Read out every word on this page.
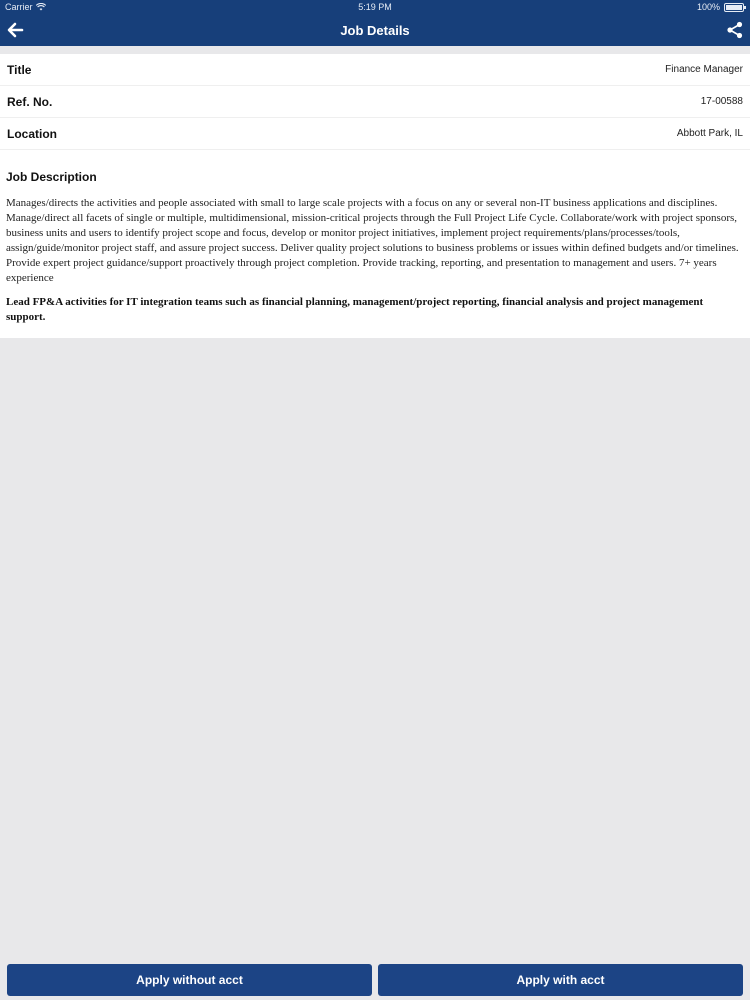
Carrier	5:19 PM	100%
Job Details
Title	Finance Manager
Ref. No.	17-00588
Location	Abbott Park, IL
Job Description

Manages/directs the activities and people associated with small to large scale projects with a focus on any or several non-IT business applications and disciplines. Manage/direct all facets of single or multiple, multidimensional, mission-critical projects through the Full Project Life Cycle. Collaborate/work with project sponsors, business units and users to identify project scope and focus, develop or monitor project initiatives, implement project requirements/plans/processes/tools, assign/guide/monitor project staff, and assure project success. Deliver quality project solutions to business problems or issues within defined budgets and/or timelines. Provide expert project guidance/support proactively through project completion. Provide tracking, reporting, and presentation to management and users. 7+ years experience

Lead FP&A activities for IT integration teams such as financial planning, management/project reporting, financial analysis and project management support.

Apply without acct	Apply with acct
